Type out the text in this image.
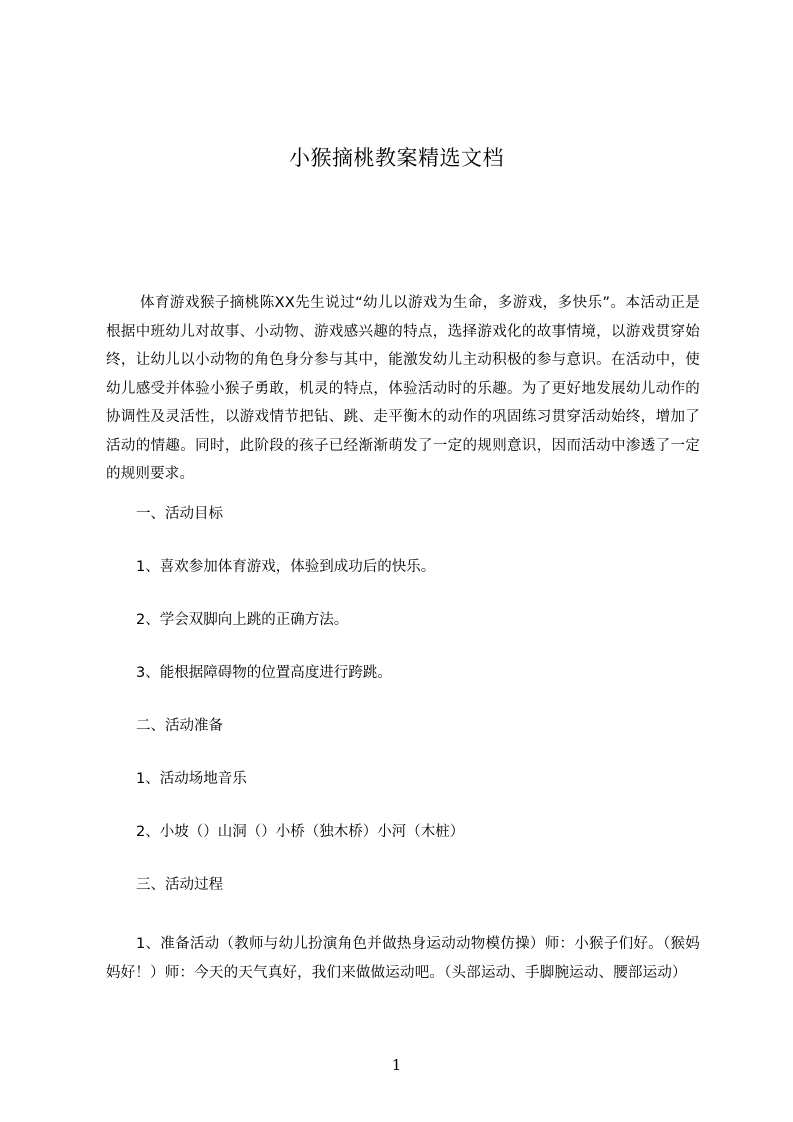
小猴摘桃教案精选文档
体育游戏猴子摘桃陈XX先生说过“幼儿以游戏为生命，多游戏，多快乐”。本活动正是根据中班幼儿对故事、小动物、游戏感兴趣的特点，选择游戏化的故事情境，以游戏贯穿始终，让幼儿以小动物的角色身分参与其中，能激发幼儿主动积极的参与意识。在活动中，使幼儿感受并体验小猴子勇敢，机灵的特点，体验活动时的乐趣。为了更好地发展幼儿动作的协调性及灵活性，以游戏情节把钻、跳、走平衡木的动作的巩固练习贯穿活动始终，增加了活动的情趣。同时，此阶段的孩子已经渐渐萌发了一定的规则意识，因而活动中渗透了一定的规则要求。
一、活动目标
1、喜欢参加体育游戏，体验到成功后的快乐。
2、学会双脚向上跳的正确方法。
3、能根据障碍物的位置高度进行跨跳。
二、活动准备
1、活动场地音乐
2、小坡（）山洞（）小桥（独木桥）小河（木桩）
三、活动过程
1、准备活动（教师与幼儿扮演角色并做热身运动动物模仿操）师：小猴子们好。（猴妈妈好！）师：今天的天气真好，我们来做做运动吧。（头部运动、手脚腕运动、腰部运动）
1
